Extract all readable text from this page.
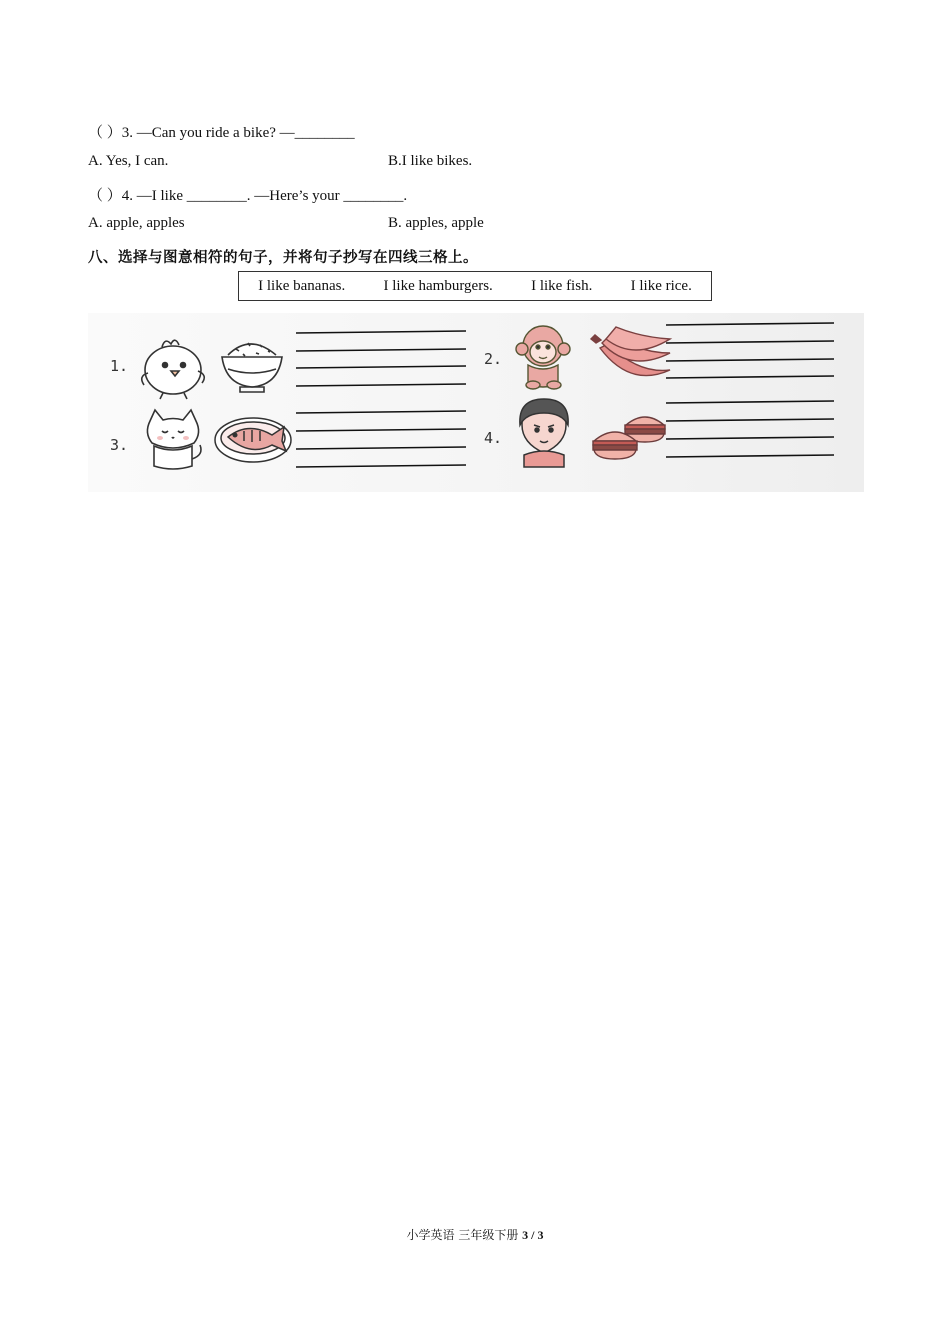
（ ）3. —Can you ride a bike? —________
A. Yes, I can.	B.I like bikes.
（ ）4. —I like ________. —Here’s your ________.
A. apple, apples	B. apples, apple
八、选择与图意相符的句子，并将句子抄写在四线三格上。
I like bananas.	I like hamburgers.	I like fish.	I like rice.
1.	2.
3.	4.
小学英语 三年级下册 3 / 3
